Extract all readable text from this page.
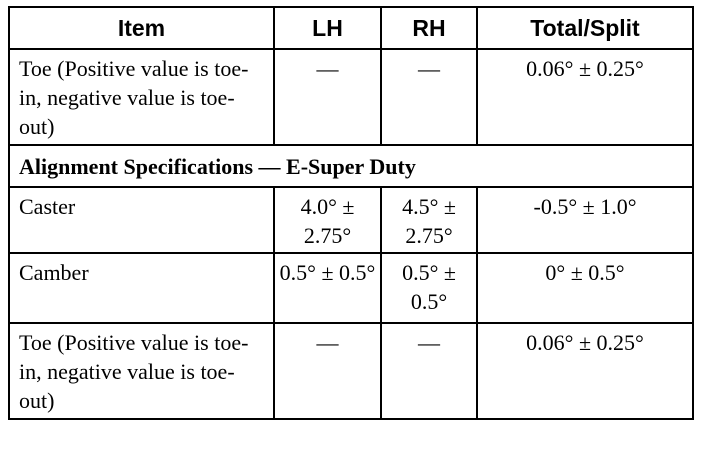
Item	LH	RH	Total/Split
Toe (Positive value is toe-in, negative value is toe-out)	—	—	0.06° ± 0.25°
Alignment Specifications — E-Super Duty			
Caster	4.0° ± 2.75°	4.5° ± 2.75°	-0.5° ± 1.0°
Camber	0.5° ± 0.5°	0.5° ± 0.5°	0° ± 0.5°
Toe (Positive value is toe-in, negative value is toe-out)	—	—	0.06° ± 0.25°
